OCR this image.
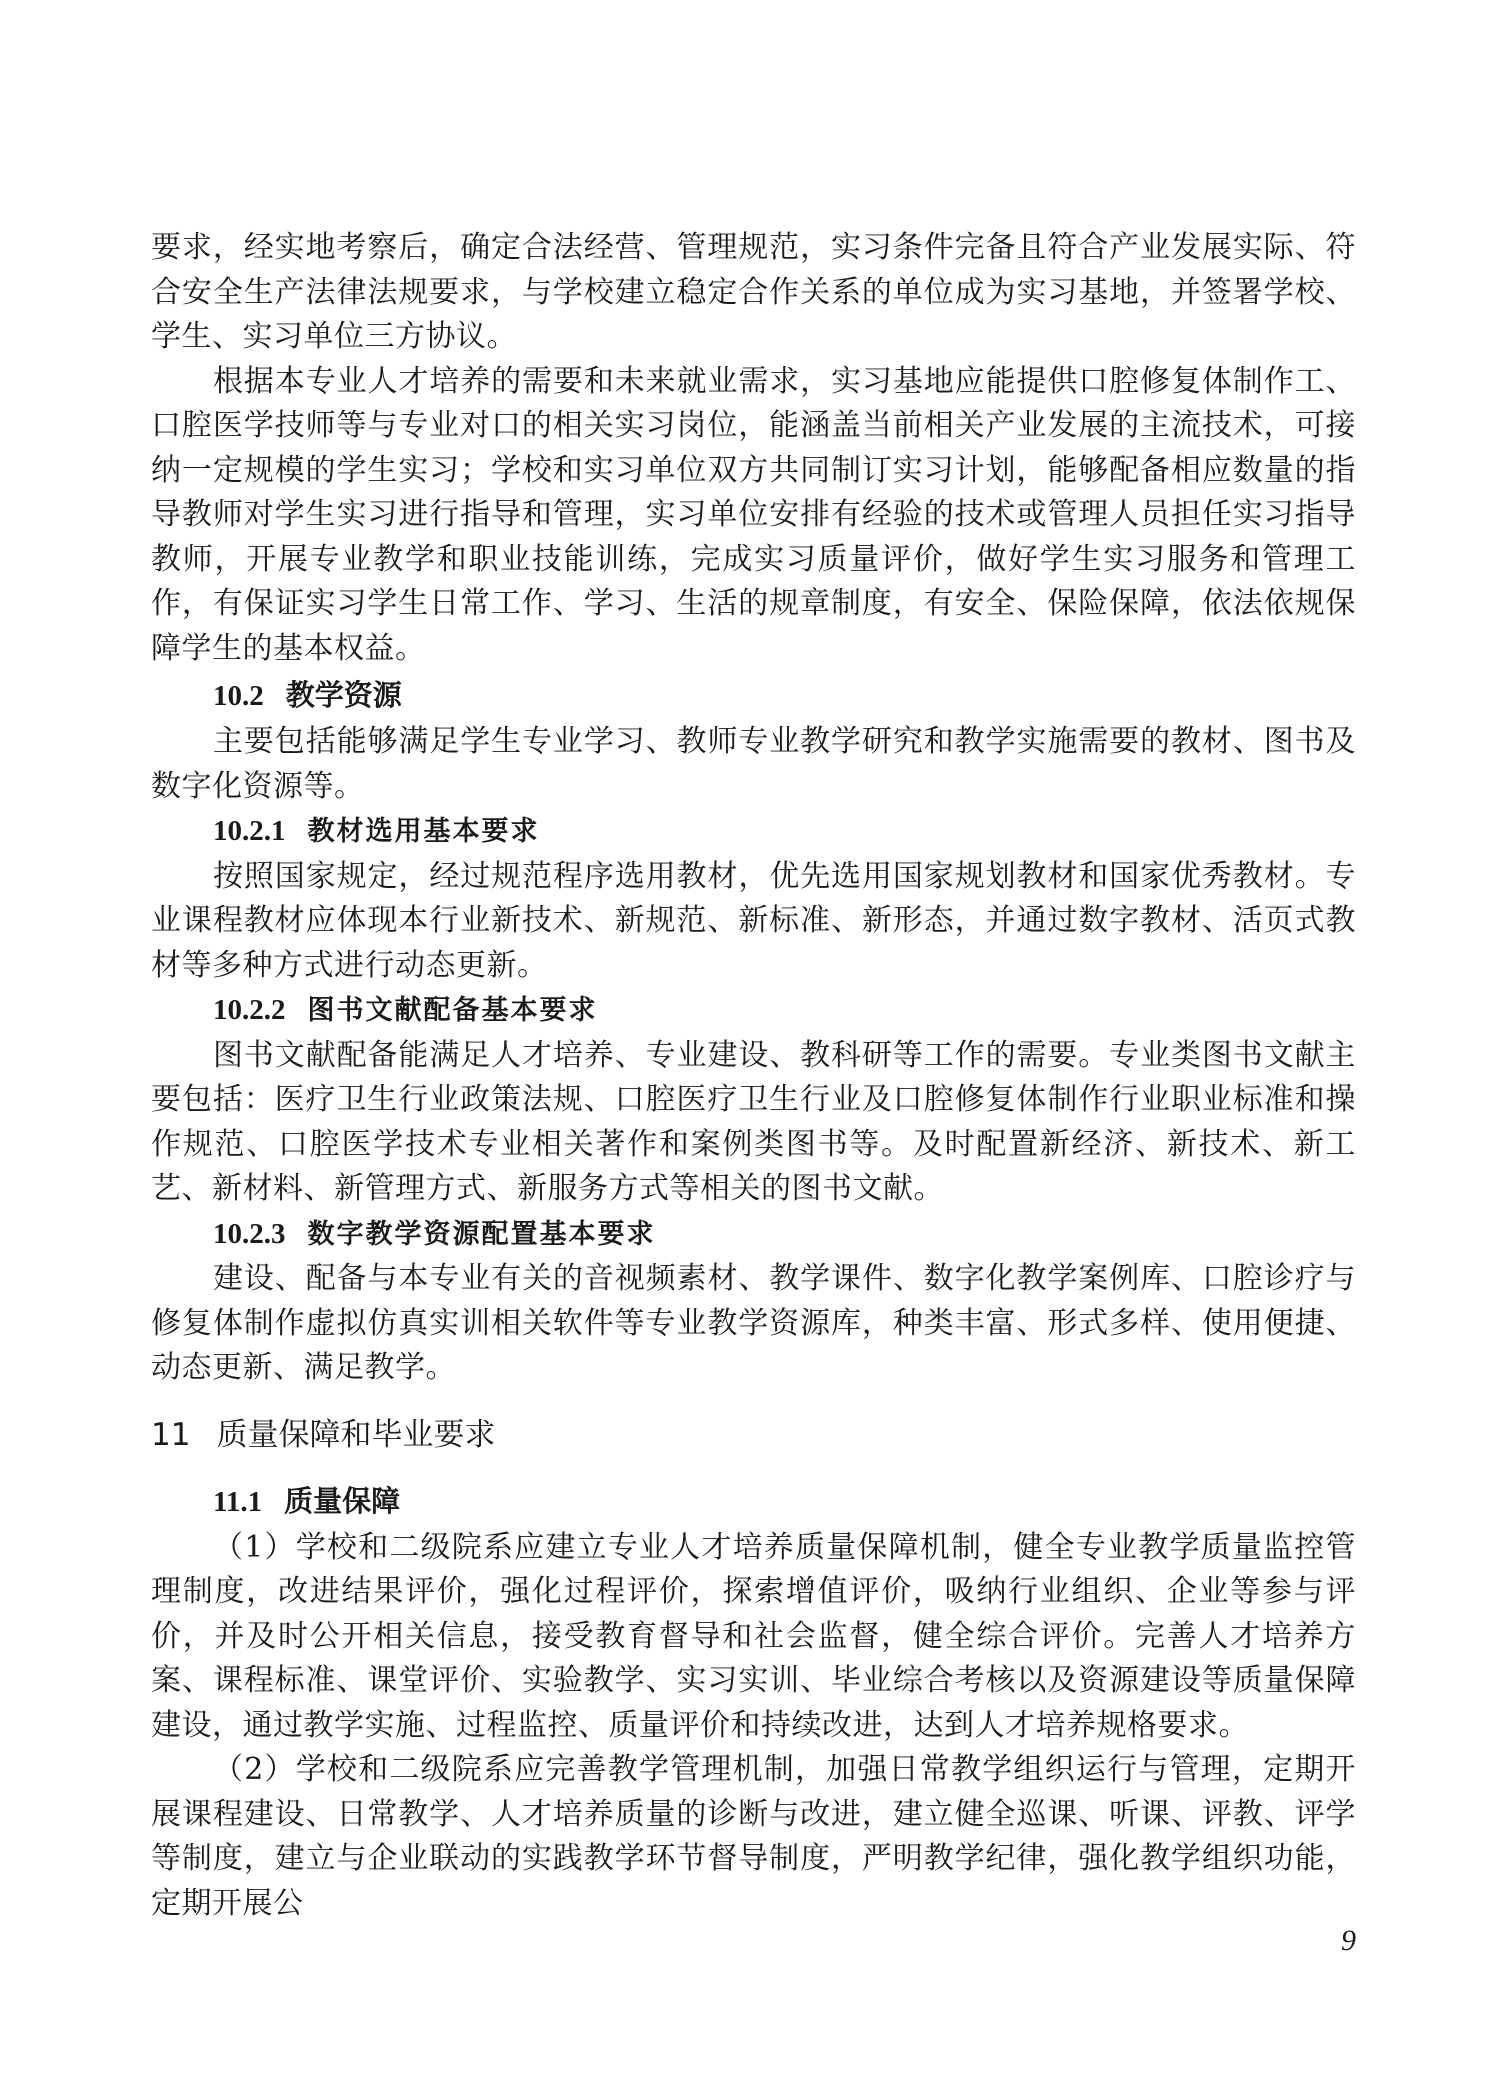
要求，经实地考察后，确定合法经营、管理规范，实习条件完备且符合产业发展实际、符合安全生产法律法规要求，与学校建立稳定合作关系的单位成为实习基地，并签署学校、学生、实习单位三方协议。

根据本专业人才培养的需要和未来就业需求，实习基地应能提供口腔修复体制作工、口腔医学技师等与专业对口的相关实习岗位，能涵盖当前相关产业发展的主流技术，可接纳一定规模的学生实习；学校和实习单位双方共同制订实习计划，能够配备相应数量的指导教师对学生实习进行指导和管理，实习单位安排有经验的技术或管理人员担任实习指导教师，开展专业教学和职业技能训练，完成实习质量评价，做好学生实习服务和管理工作，有保证实习学生日常工作、学习、生活的规章制度，有安全、保险保障，依法依规保障学生的基本权益。

10.2 教学资源

主要包括能够满足学生专业学习、教师专业教学研究和教学实施需要的教材、图书及数字化资源等。

10.2.1 教材选用基本要求

按照国家规定，经过规范程序选用教材，优先选用国家规划教材和国家优秀教材。专业课程教材应体现本行业新技术、新规范、新标准、新形态，并通过数字教材、活页式教材等多种方式进行动态更新。

10.2.2 图书文献配备基本要求

图书文献配备能满足人才培养、专业建设、教科研等工作的需要。专业类图书文献主要包括：医疗卫生行业政策法规、口腔医疗卫生行业及口腔修复体制作行业职业标准和操作规范、口腔医学技术专业相关著作和案例类图书等。及时配置新经济、新技术、新工艺、新材料、新管理方式、新服务方式等相关的图书文献。

10.2.3 数字教学资源配置基本要求

建设、配备与本专业有关的音视频素材、教学课件、数字化教学案例库、口腔诊疗与修复体制作虚拟仿真实训相关软件等专业教学资源库，种类丰富、形式多样、使用便捷、动态更新、满足教学。

11 质量保障和毕业要求
11.1 质量保障

（1）学校和二级院系应建立专业人才培养质量保障机制，健全专业教学质量监控管理制度，改进结果评价，强化过程评价，探索增值评价，吸纳行业组织、企业等参与评价，并及时公开相关信息，接受教育督导和社会监督，健全综合评价。完善人才培养方案、课程标准、课堂评价、实验教学、实习实训、毕业综合考核以及资源建设等质量保障建设，通过教学实施、过程监控、质量评价和持续改进，达到人才培养规格要求。

（2）学校和二级院系应完善教学管理机制，加强日常教学组织运行与管理，定期开展课程建设、日常教学、人才培养质量的诊断与改进，建立健全巡课、听课、评教、评学等制度，建立与企业联动的实践教学环节督导制度，严明教学纪律，强化教学组织功能，定期开展公

9
